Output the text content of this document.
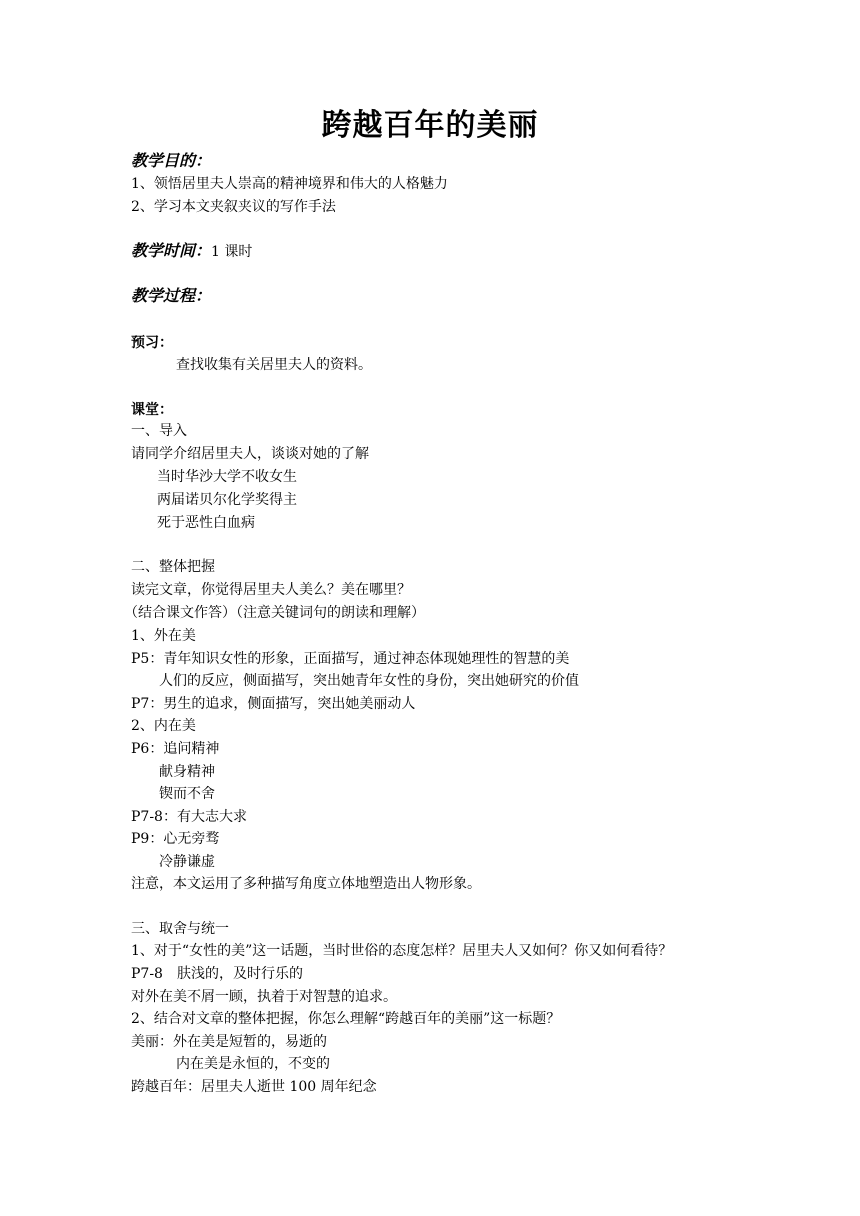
跨越百年的美丽
教学目的：
1、领悟居里夫人崇高的精神境界和伟大的人格魅力
2、学习本文夹叙夹议的写作手法
教学时间：1 课时
教学过程：
预习：
查找收集有关居里夫人的资料。
课堂：
一、导入
请同学介绍居里夫人，谈谈对她的了解
当时华沙大学不收女生
两届诺贝尔化学奖得主
死于恶性白血病
二、整体把握
读完文章，你觉得居里夫人美么？美在哪里？
（结合课文作答）（注意关键词句的朗读和理解）
1、外在美
P5：青年知识女性的形象，正面描写，通过神态体现她理性的智慧的美
人们的反应，侧面描写，突出她青年女性的身份，突出她研究的价值
P7：男生的追求，侧面描写，突出她美丽动人
2、内在美
P6：追问精神
献身精神
锲而不舍
P7-8：有大志大求
P9：心无旁骛
冷静谦虚
注意，本文运用了多种描写角度立体地塑造出人物形象。
三、取舍与统一
1、对于“女性的美”这一话题，当时世俗的态度怎样？居里夫人又如何？你又如何看待？
P7-8　肤浅的，及时行乐的
对外在美不屑一顾，执着于对智慧的追求。
2、结合对文章的整体把握，你怎么理解“跨越百年的美丽”这一标题？
美丽：外在美是短暂的，易逝的
内在美是永恒的，不变的
跨越百年：居里夫人逝世 100 周年纪念
